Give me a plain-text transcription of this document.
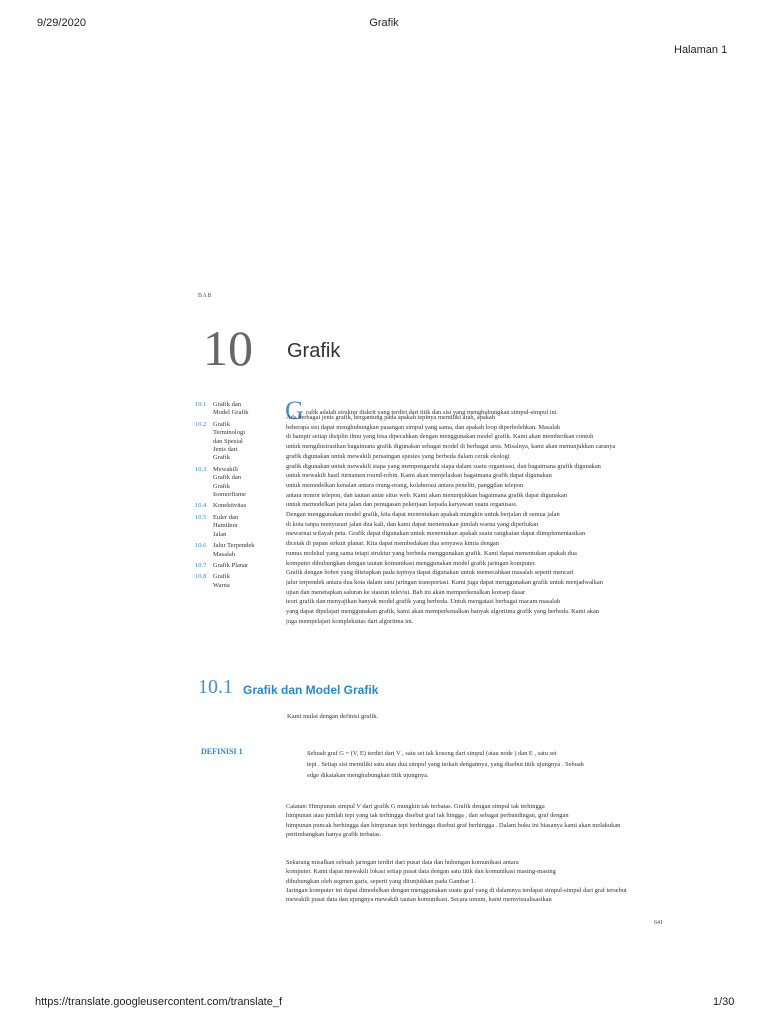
9/29/2020	Grafik
Halaman 1
BAB
10 Grafik
10.1	Grafik dan
Model Grafik
10.2	Grafik
Terminologi
dan Spesial
Jenis dari
Grafik
10.3	Mewakili
Grafik dan
Grafik
Isomorfisme
10.4	Konektivitas
10.5	Euler dan
Hamilton
Jalan
10.6	Jalur Terpendek
Masalah
10.7	Grafik Planar
10.8	Grafik
Warna
G rafik adalah struktur diskrit yang terdiri dari titik dan sisi yang menghubungkan simpul-simpul ini.
Ada berbagai jenis grafik, bergantung pada apakah tepinya memiliki arah, apakah
beberapa sisi dapat menghubungkan pasangan simpul yang sama, dan apakah loop diperbolehkan. Masalah
di hampir setiap disiplin ilmu yang bisa dipecahkan dengan menggunakan model grafik. Kami akan memberikan contoh
untuk mengilustrasikan bagaimana grafik digunakan sebagai model di berbagai area. Misalnya, kami akan menunjukkan caranya
grafik digunakan untuk mewakili persaingan spesies yang berbeda dalam ceruk ekologi
grafik digunakan untuk mewakili siapa yang mempengaruhi siapa dalam suatu organisasi, dan bagaimana grafik digunakan
untuk mewakili hasil turnamen round-robin. Kami akan menjelaskan bagaimana grafik dapat digunakan
untuk memodelkan kenalan antara orang-orang, kolaborasi antara peneliti, panggilan telepon
antara nomor telepon, dan tautan antar situs web. Kami akan menunjukkan bagaimana grafik dapat digunakan
untuk memodelkan peta jalan dan penugasan pekerjaan kepada karyawan suatu organisasi.
Dengan menggunakan model grafik, kita dapat menentukan apakah mungkin untuk berjalan di semua jalan
di kota tanpa menyusuri jalan dua kali, dan kami dapat menemukan jumlah warna yang diperlukan
mewarnai wilayah peta. Grafik dapat digunakan untuk menentukan apakah suatu rangkaian dapat diimplementasikan
dicetak di papan sirkuit planar. Kita dapat membedakan dua senyawa kimia dengan
rumus molekul yang sama tetapi struktur yang berbeda menggunakan grafik. Kami dapat menentukan apakah dua
komputer dihubungkan dengan tautan komunikasi menggunakan model grafik jaringan komputer.
Grafik dengan bobot yang ditetapkan pada tepinya dapat digunakan untuk memecahkan masalah seperti mencari
jalur terpendek antara dua kota dalam satu jaringan transportasi. Kami juga dapat menggunakan grafik untuk menjadwalkan
ujian dan menetapkan saluran ke stasiun televisi. Bab ini akan memperkenalkan konsep dasar
teori grafik dan menyajikan banyak model grafik yang berbeda. Untuk mengatasi berbagai macam masalah
yang dapat dipelajari menggunakan grafik, kami akan memperkenalkan banyak algoritma grafik yang berbeda. Kami akan
juga mempelajari kompleksitas dari algoritma ini.
10.1 Grafik dan Model Grafik
Kami mulai dengan definisi grafik.
DEFINISI 1	Sebuah graf G = (V, E) terdiri dari V , satu set tak kosong dari simpul (atau node ) dan E , satu set
tepi . Setiap sisi memiliki satu atau dua simpul yang terkait dengannya, yang disebut titik ujungnya . Sebuah
edge dikatakan menghubungkan titik ujungnya.
Catatan: Himpunan simpul V dari grafik G mungkin tak terbatas. Grafik dengan simpul tak terhingga
himpunan atau jumlah tepi yang tak terhingga disebut graf tak hingga , dan sebagai perbandingan, graf dengan
himpunan puncak berhingga dan himpunan tepi berhingga disebut graf berhingga . Dalam buku ini biasanya kami akan melakukan
pertimbangkan hanya grafik terbatas.
Sekarang misalkan sebuah jaringan terdiri dari pusat data dan hubungan komunikasi antara
komputer. Kami dapat mewakili lokasi setiap pusat data dengan satu titik dan komunikasi masing-masing
dihubungkan oleh segmen garis, seperti yang ditunjukkan pada Gambar 1.
Jaringan komputer ini dapat dimodelkan dengan menggunakan suatu graf yang di dalamnya terdapat simpul-simpul dari graf tersebut
mewakili pusat data dan ujungnya mewakili tautan komunikasi. Secara umum, kami memvisualisasikan
641
https://translate.googleusercontent.com/translate_f	1/30
